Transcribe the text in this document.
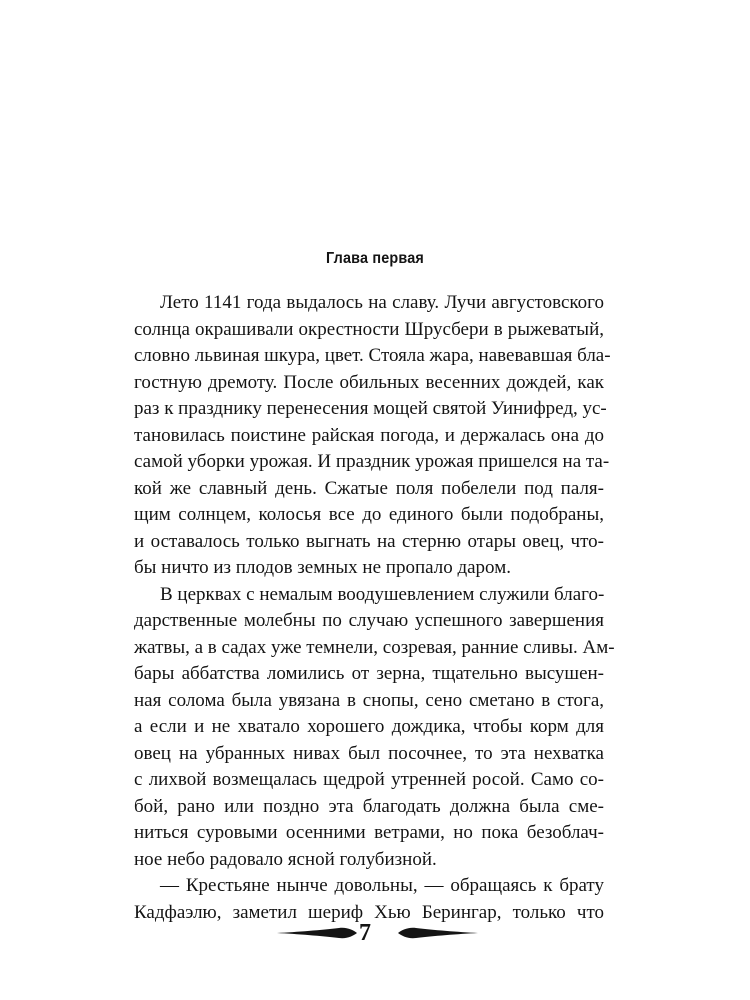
Глава первая
Лето 1141 года выдалось на славу. Лучи августовского
солнца окрашивали окрестности Шрусбери в рыжеватый,
словно львиная шкура, цвет. Стояла жара, навевавшая бла-
гостную дремоту. После обильных весенних дождей, как
раз к празднику перенесения мощей святой Уинифред, ус-
тановилась поистине райская погода, и держалась она до
самой уборки урожая. И праздник урожая пришелся на та-
кой же славный день. Сжатые поля побелели под паля-
щим солнцем, колосья все до единого были подобраны,
и оставалось только выгнать на стерню отары овец, что-
бы ничто из плодов земных не пропало даром.
В церквах с немалым воодушевлением служили благо-
дарственные молебны по случаю успешного завершения
жатвы, а в садах уже темнели, созревая, ранние сливы. Ам-
бары аббатства ломились от зерна, тщательно высушен-
ная солома была увязана в снопы, сено сметано в стога,
а если и не хватало хорошего дождика, чтобы корм для
овец на убранных нивах был посочнее, то эта нехватка
с лихвой возмещалась щедрой утренней росой. Само со-
бой, рано или поздно эта благодать должна была сме-
ниться суровыми осенними ветрами, но пока безоблач-
ное небо радовало ясной голубизной.
— Крестьяне нынче довольны, — обращаясь к брату
Кадфаэлю, заметил шериф Хью Берингар, только что
7
